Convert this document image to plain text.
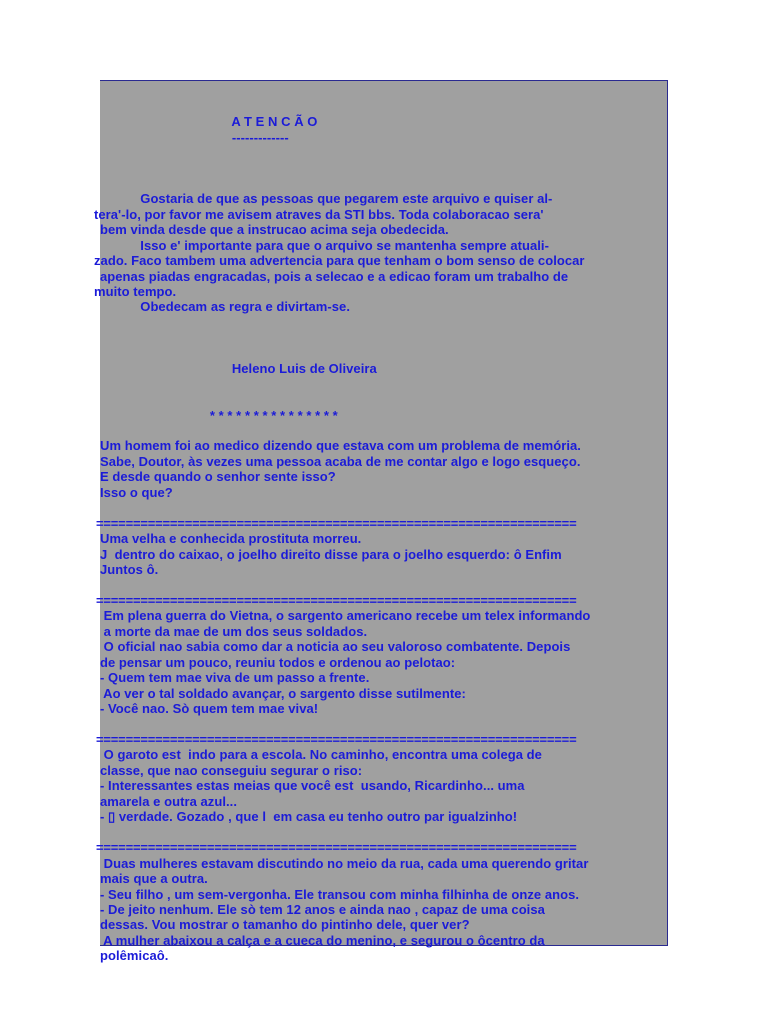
A T E N C Ã O

-------------

Gostaria de que as pessoas que pegarem este arquivo e quiser al-

tera'-lo, por favor me avisem atraves da STI bbs. Toda colaboracao sera'

bem vinda desde que a instrucao acima seja obedecida.

Isso e' importante para que o arquivo se mantenha sempre atuali-

zado. Faco tambem uma advertencia para que tenham o bom senso de colocar

apenas piadas engracadas, pois a selecao e a edicao foram um trabalho de

muito tempo.

Obedecam as regra e divirtam-se.

Heleno Luis de Oliveira

* * * * * * * * * * * * * * *

Um homem foi ao medico dizendo que estava com um problema de memória.

Sabe, Doutor, às vezes uma pessoa acaba de me contar algo e logo esqueço.

E desde quando o senhor sente isso?

Isso o que?

=================================================================

Uma velha e conhecida prostituta morreu.

J  dentro do caixao, o joelho direito disse para o joelho esquerdo: ô Enfim

Juntos ô.

=================================================================

Em plena guerra do Vietna, o sargento americano recebe um telex informando

a morte da mae de um dos seus soldados.

O oficial nao sabia como dar a noticia ao seu valoroso combatente. Depois

de pensar um pouco, reuniu todos e ordenou ao pelotao:

- Quem tem mae viva de um passo a frente.

Ao ver o tal soldado avançar, o sargento disse sutilmente:

- Você nao. Sò quem tem mae viva!

=================================================================

O garoto est  indo para a escola. No caminho, encontra uma colega de

classe, que nao conseguiu segurar o riso:

- Interessantes estas meias que você est  usando, Ricardinho... uma

amarela e outra azul...

- ▯ verdade. Gozado , que l  em casa eu tenho outro par igualzinho!

=================================================================

Duas mulheres estavam discutindo no meio da rua, cada uma querendo gritar

mais que a outra.

- Seu filho , um sem-vergonha. Ele transou com minha filhinha de onze anos.

- De jeito nenhum. Ele sò tem 12 anos e ainda nao , capaz de uma coisa

dessas. Vou mostrar o tamanho do pintinho dele, quer ver?

A mulher abaixou a calça e a cueca do menino, e segurou o ôcentro da

polêmicaô.
